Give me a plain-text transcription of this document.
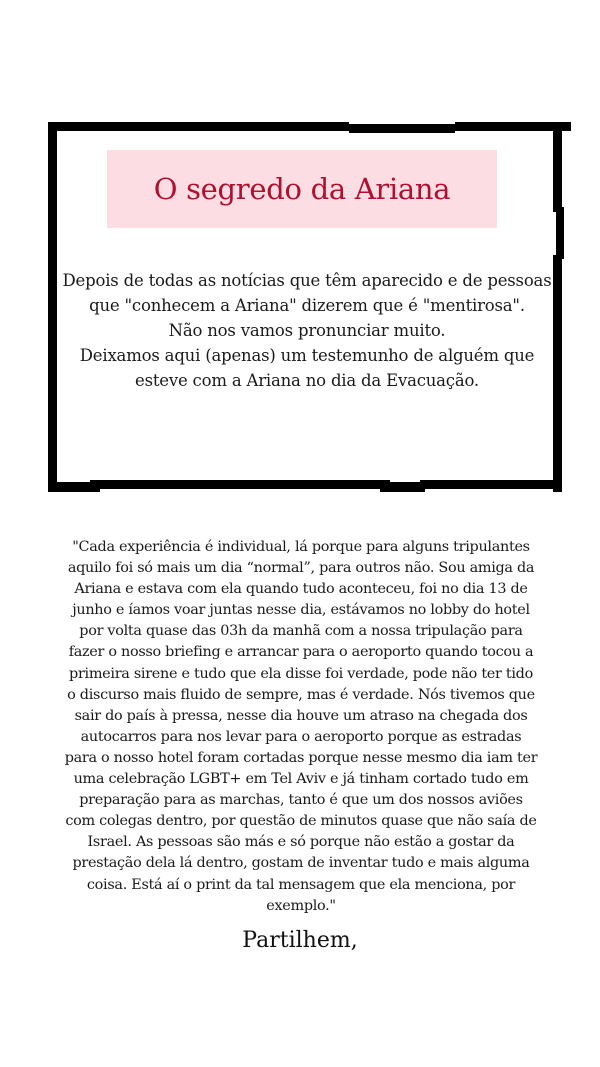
O segredo da Ariana

Depois de todas as notícias que têm aparecido e de pessoas que "conhecem a Ariana" dizerem que é "mentirosa".

Não nos vamos pronunciar muito.

Deixamos aqui (apenas) um testemunho de alguém que esteve com a Ariana no dia da Evacuação.

"Cada experiência é individual, lá porque para alguns tripulantes aquilo foi só mais um dia “normal”, para outros não. Sou amiga da Ariana e estava com ela quando tudo aconteceu, foi no dia 13 de junho e íamos voar juntas nesse dia, estávamos no lobby do hotel por volta quase das 03h da manhã com a nossa tripulação para fazer o nosso briefing e arrancar para o aeroporto quando tocou a primeira sirene e tudo que ela disse foi verdade, pode não ter tido o discurso mais fluido de sempre, mas é verdade. Nós tivemos que sair do país à pressa, nesse dia houve um atraso na chegada dos autocarros para nos levar para o aeroporto porque as estradas para o nosso hotel foram cortadas porque nesse mesmo dia iam ter uma celebração LGBT+ em Tel Aviv e já tinham cortado tudo em preparação para as marchas, tanto é que um dos nossos aviões com colegas dentro, por questão de minutos quase que não saía de Israel. As pessoas são más e só porque não estão a gostar da prestação dela lá dentro, gostam de inventar tudo e mais alguma coisa. Está aí o print da tal mensagem que ela menciona, por exemplo."

Partilhem,
